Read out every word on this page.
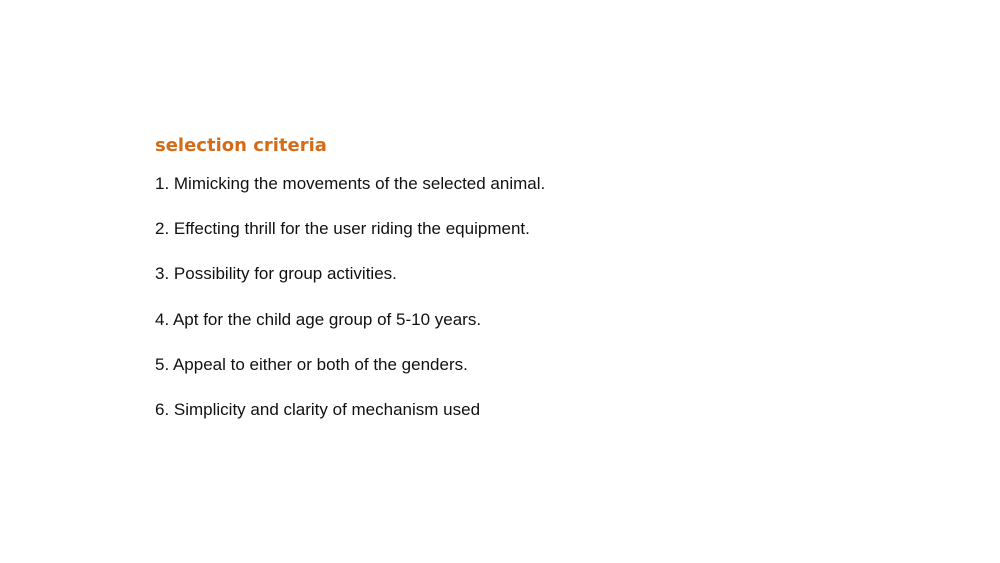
selection criteria
1. Mimicking the movements of the selected animal.
2. Effecting thrill for the user riding the equipment.
3. Possibility for group activities.
4. Apt for the child age group of 5-10 years.
5. Appeal to either or both of the genders.
6. Simplicity and clarity of mechanism used
